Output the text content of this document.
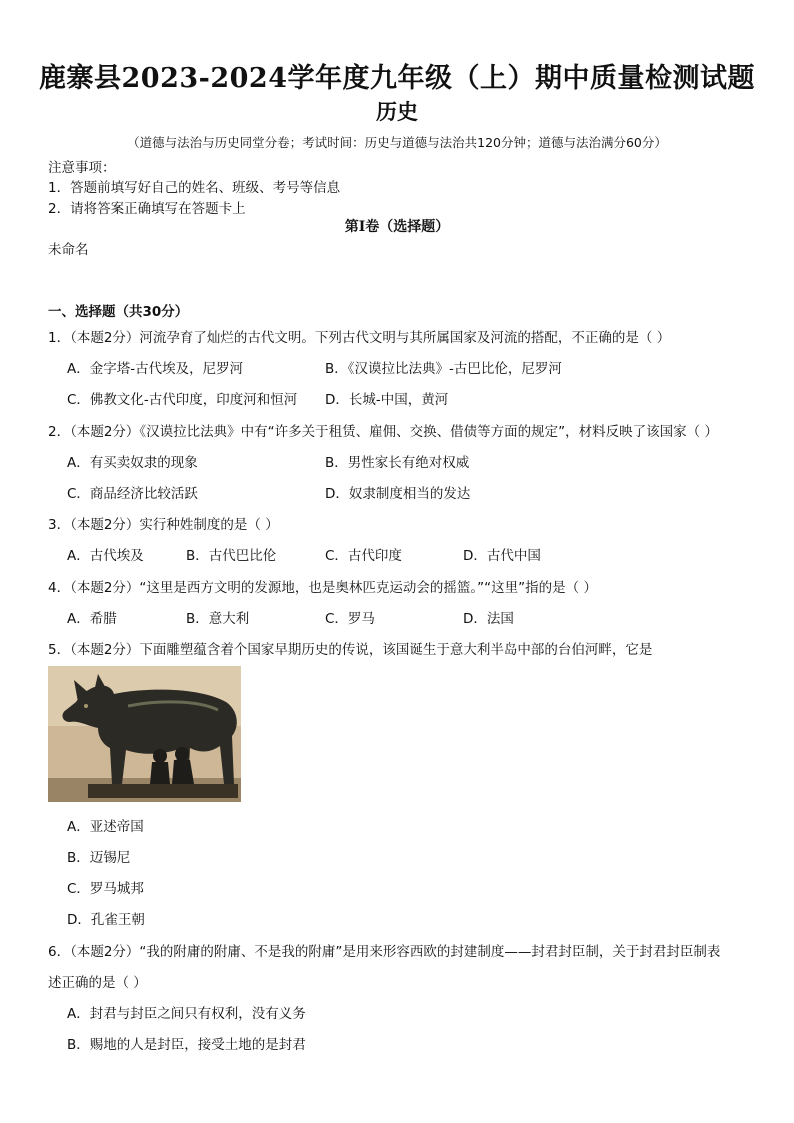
鹿寨县2023-2024学年度九年级（上）期中质量检测试题
历史
（道德与法治与历史同堂分卷；考试时间：历史与道德与法治共120分钟；道德与法治满分60分）
注意事项：
1．答题前填写好自己的姓名、班级、考号等信息
2．请将答案正确填写在答题卡上
第I卷（选择题）
未命名
一、选择题（共30分）
1．（本题2分）河流孕育了灿烂的古代文明。下列古代文明与其所属国家及河流的搭配，不正确的是（ ）
A．金字塔-古代埃及，尼罗河	B．《汉谟拉比法典》-古巴比伦，尼罗河
C．佛教文化-古代印度，印度河和恒河 D．长城-中国，黄河
2．（本题2分）《汉谟拉比法典》中有“许多关于租赁、雇佣、交换、借债等方面的规定”，材料反映了该国家（ ）
A．有买卖奴隶的现象	B．男性家长有绝对权威
C．商品经济比较活跃	D．奴隶制度相当的发达
3．（本题2分）实行种姓制度的是（ ）
A．古代埃及	B．古代巴比伦	C．古代印度	D．古代中国
4．（本题2分）“这里是西方文明的发源地，也是奥林匹克运动会的摇篮。”“这里”指的是（ ）
A．希腊	B．意大利	C．罗马	D．法国
5．（本题2分）下面雕塑蕴含着个国家早期历史的传说，该国诞生于意大利半岛中部的台伯河畔，它是
A．亚述帝国
B．迈锡尼
C．罗马城邦
D．孔雀王朝
6．（本题2分）“我的附庸的附庸、不是我的附庸”是用来形容西欧的封建制度——封君封臣制，关于封君封臣制表
述正确的是（ ）
A．封君与封臣之间只有权利，没有义务
B．赐地的人是封臣，接受土地的是封君
